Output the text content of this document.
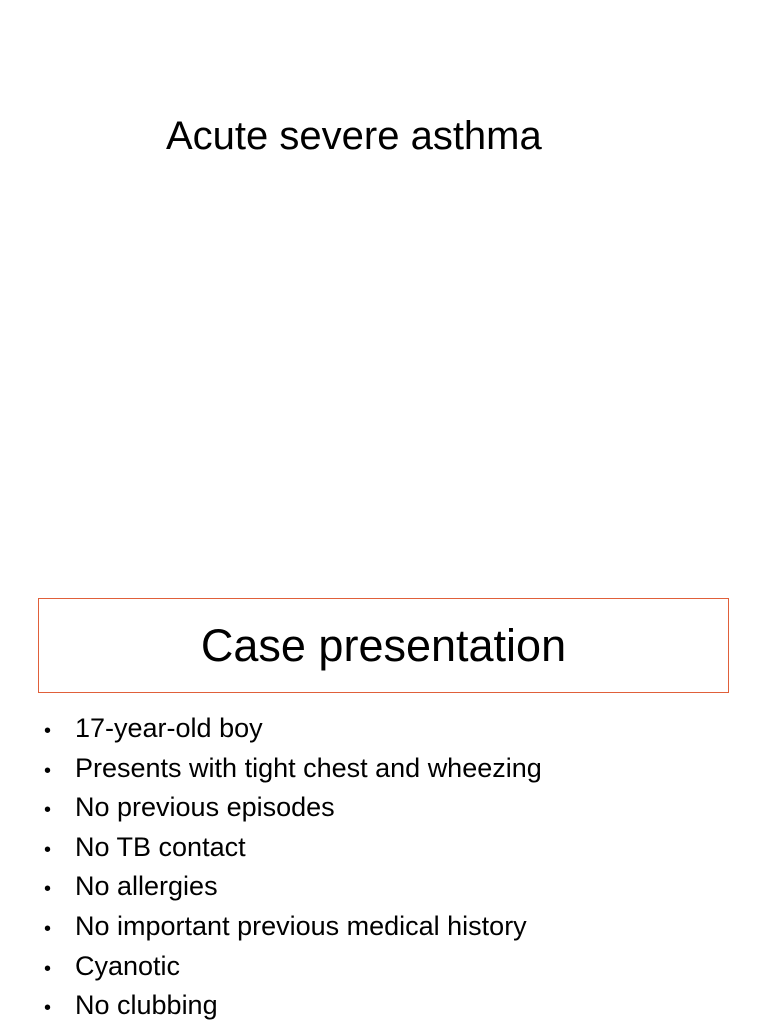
Acute severe asthma
Case presentation
• 17-year-old boy
• Presents with tight chest and wheezing
• No previous episodes
• No TB contact
• No allergies
• No important previous medical history
• Cyanotic
• No clubbing
